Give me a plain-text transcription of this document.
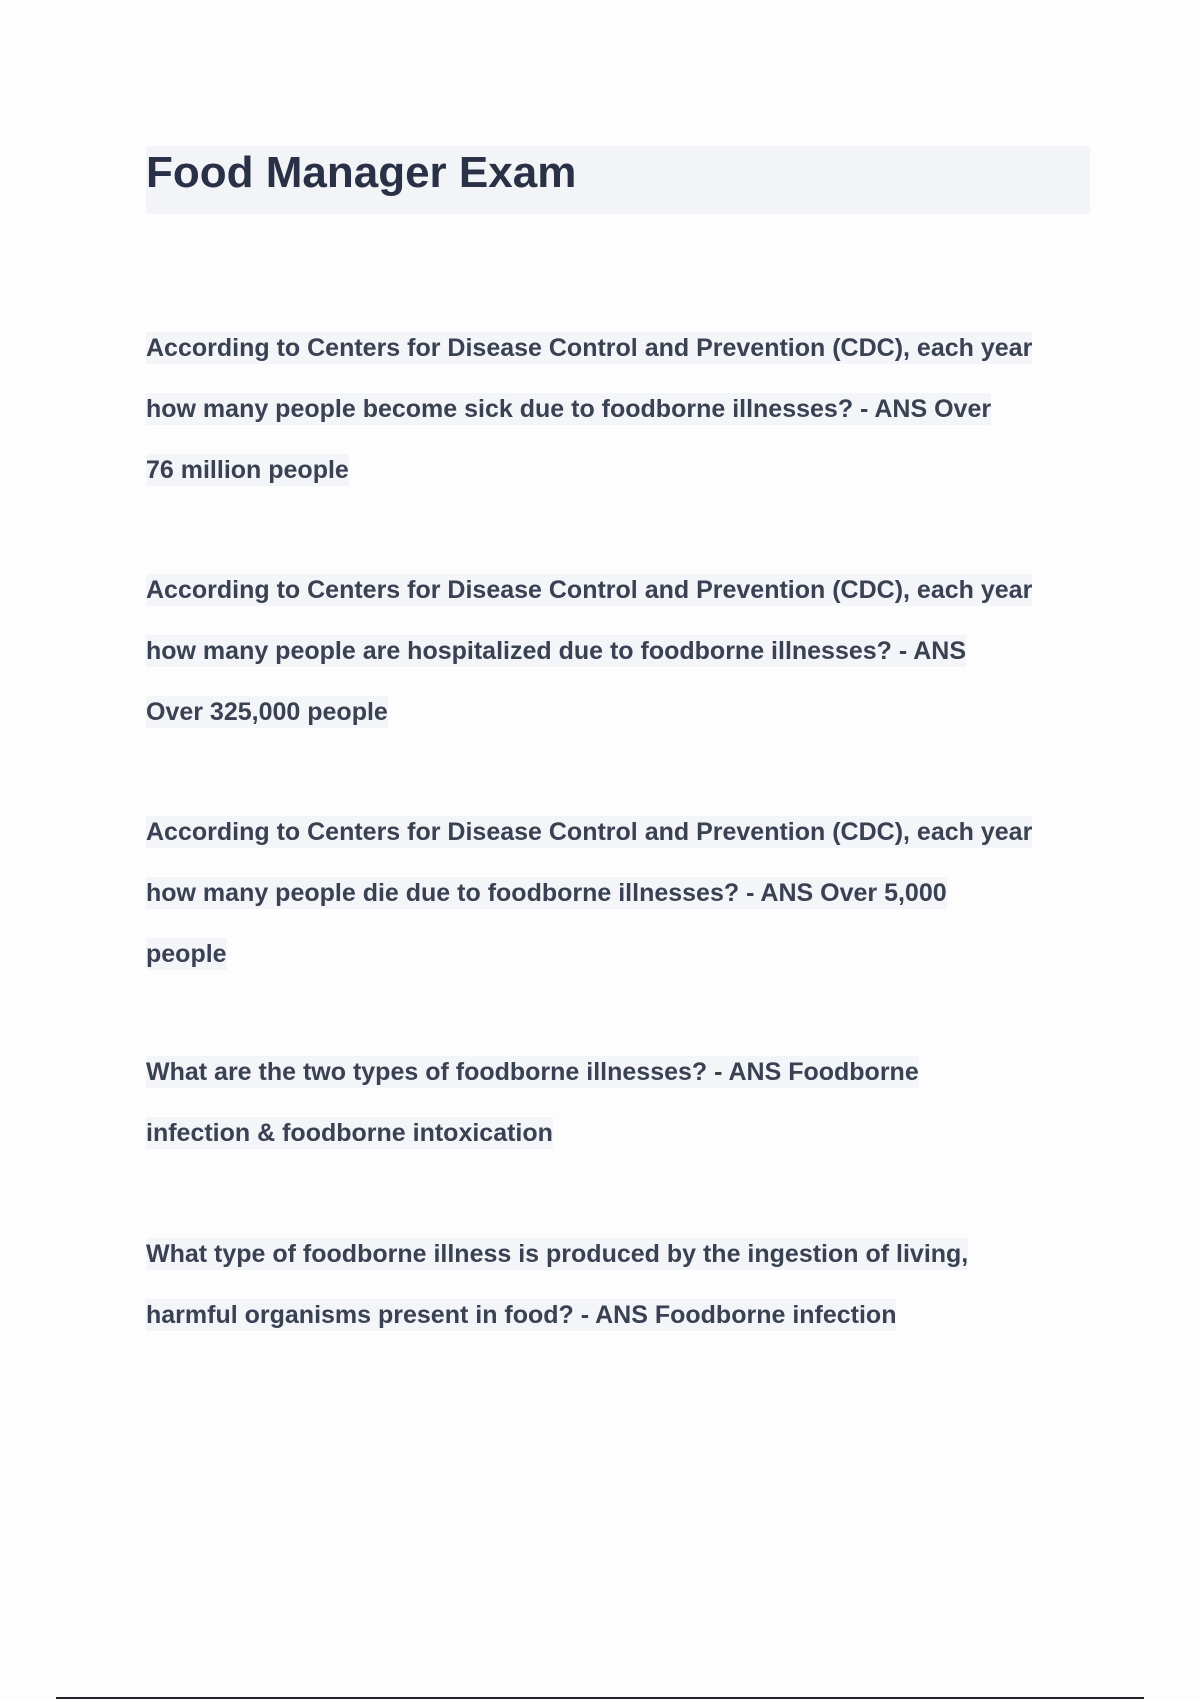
Food Manager Exam

According to Centers for Disease Control and Prevention (CDC), each year
how many people become sick due to foodborne illnesses? - ANS Over
76 million people

According to Centers for Disease Control and Prevention (CDC), each year
how many people are hospitalized due to foodborne illnesses? - ANS
Over 325,000 people

According to Centers for Disease Control and Prevention (CDC), each year
how many people die due to foodborne illnesses? - ANS Over 5,000
people

What are the two types of foodborne illnesses? - ANS Foodborne
infection & foodborne intoxication

What type of foodborne illness is produced by the ingestion of living,
harmful organisms present in food? - ANS Foodborne infection
